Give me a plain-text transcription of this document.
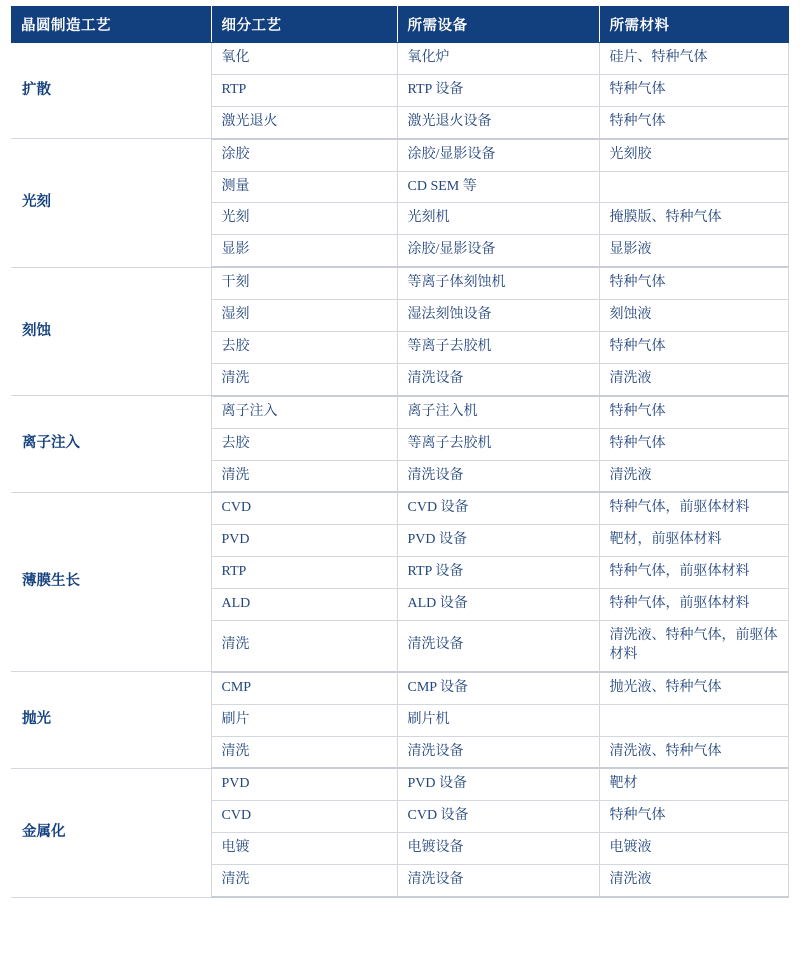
晶圆制造工艺	细分工艺	所需设备	所需材料
扩散	氧化	氧化炉	硅片、特种气体
	RTP	RTP 设备	特种气体
	激光退火	激光退火设备	特种气体
光刻	涂胶	涂胶/显影设备	光刻胶
	测量	CD SEM 等	
	光刻	光刻机	掩膜版、特种气体
	显影	涂胶/显影设备	显影液
刻蚀	干刻	等离子体刻蚀机	特种气体
	湿刻	湿法刻蚀设备	刻蚀液
	去胶	等离子去胶机	特种气体
	清洗	清洗设备	清洗液
离子注入	离子注入	离子注入机	特种气体
	去胶	等离子去胶机	特种气体
	清洗	清洗设备	清洗液
薄膜生长	CVD	CVD 设备	特种气体，前驱体材料
	PVD	PVD 设备	靶材，前驱体材料
	RTP	RTP 设备	特种气体，前驱体材料
	ALD	ALD 设备	特种气体，前驱体材料
	清洗	清洗设备	清洗液、特种气体，前驱体材料
抛光	CMP	CMP 设备	抛光液、特种气体
	刷片	刷片机	
	清洗	清洗设备	清洗液、特种气体
金属化	PVD	PVD 设备	靶材
	CVD	CVD 设备	特种气体
	电镀	电镀设备	电镀液
	清洗	清洗设备	清洗液
